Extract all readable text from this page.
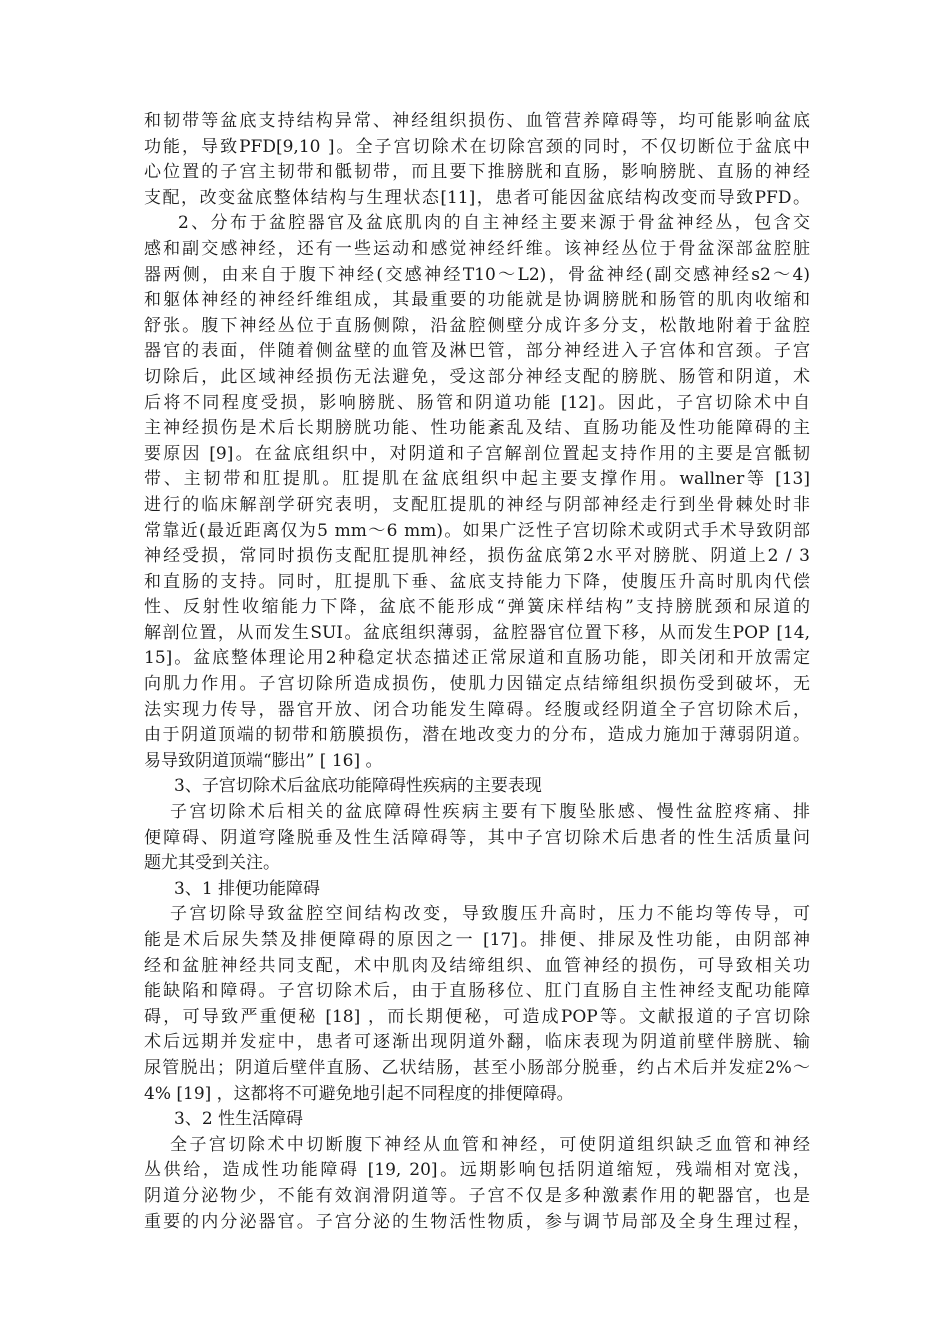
和韧带等盆底支持结构异常、神经组织损伤、血管营养障碍等，均可能影响盆底
功能，导致PFD[9,10 ]。全子宫切除术在切除宫颈的同时，不仅切断位于盆底中
心位置的子宫主韧带和骶韧带，而且要下推膀胱和直肠，影响膀胱、直肠的神经
支配，改变盆底整体结构与生理状态[11]，患者可能因盆底结构改变而导致PFD。
2、分布于盆腔器官及盆底肌肉的自主神经主要来源于骨盆神经丛，包含交
感和副交感神经，还有一些运动和感觉神经纤维。该神经丛位于骨盆深部盆腔脏
器两侧，由来自于腹下神经(交感神经T10～L2)，骨盆神经(副交感神经s2～4)
和躯体神经的神经纤维组成，其最重要的功能就是协调膀胱和肠管的肌肉收缩和
舒张。腹下神经丛位于直肠侧隙，沿盆腔侧壁分成许多分支，松散地附着于盆腔
器官的表面，伴随着侧盆壁的血管及淋巴管，部分神经进入子宫体和宫颈。子宫
切除后，此区域神经损伤无法避免，受这部分神经支配的膀胱、肠管和阴道，术
后将不同程度受损，影响膀胱、肠管和阴道功能 [12]。因此，子宫切除术中自
主神经损伤是术后长期膀胱功能、性功能紊乱及结、直肠功能及性功能障碍的主
要原因 [9]。在盆底组织中，对阴道和子宫解剖位置起支持作用的主要是宫骶韧
带、主韧带和肛提肌。肛提肌在盆底组织中起主要支撑作用。wallner等 [13]
进行的临床解剖学研究表明，支配肛提肌的神经与阴部神经走行到坐骨棘处时非
常靠近(最近距离仅为5 mm～6 mm)。如果广泛性子宫切除术或阴式手术导致阴部
神经受损，常同时损伤支配肛提肌神经，损伤盆底第2水平对膀胱、阴道上2 / 3
和直肠的支持。同时，肛提肌下垂、盆底支持能力下降，使腹压升高时肌肉代偿
性、反射性收缩能力下降，盆底不能形成“弹簧床样结构”支持膀胱颈和尿道的
解剖位置，从而发生SUI。盆底组织薄弱，盆腔器官位置下移，从而发生POP [14,
15]。盆底整体理论用2种稳定状态描述正常尿道和直肠功能，即关闭和开放需定
向肌力作用。子宫切除所造成损伤，使肌力因锚定点结缔组织损伤受到破坏，无
法实现力传导，器官开放、闭合功能发生障碍。经腹或经阴道全子宫切除术后，
由于阴道顶端的韧带和筋膜损伤，潜在地改变力的分布，造成力施加于薄弱阴道。
易导致阴道顶端“膨出” [ 16] 。
3、子宫切除术后盆底功能障碍性疾病的主要表现
子宫切除术后相关的盆底障碍性疾病主要有下腹坠胀感、慢性盆腔疼痛、排
便障碍、阴道穹隆脱垂及性生活障碍等，其中子宫切除术后患者的性生活质量问
题尤其受到关注。
3、1 排便功能障碍
子宫切除导致盆腔空间结构改变，导致腹压升高时，压力不能均等传导，可
能是术后尿失禁及排便障碍的原因之一 [17]。排便、排尿及性功能，由阴部神
经和盆脏神经共同支配，术中肌肉及结缔组织、血管神经的损伤，可导致相关功
能缺陷和障碍。子宫切除术后，由于直肠移位、肛门直肠自主性神经支配功能障
碍，可导致严重便秘 [18] ，而长期便秘，可造成POP等。文献报道的子宫切除
术后远期并发症中，患者可逐渐出现阴道外翻，临床表现为阴道前壁伴膀胱、输
尿管脱出；阴道后壁伴直肠、乙状结肠，甚至小肠部分脱垂，约占术后并发症2%～
4% [19] ，这都将不可避免地引起不同程度的排便障碍。
3、2 性生活障碍
全子宫切除术中切断腹下神经从血管和神经，可使阴道组织缺乏血管和神经
丛供给，造成性功能障碍 [19, 20]。远期影响包括阴道缩短，残端相对宽浅，
阴道分泌物少，不能有效润滑阴道等。子宫不仅是多种激素作用的靶器官，也是
重要的内分泌器官。子宫分泌的生物活性物质，参与调节局部及全身生理过程，
